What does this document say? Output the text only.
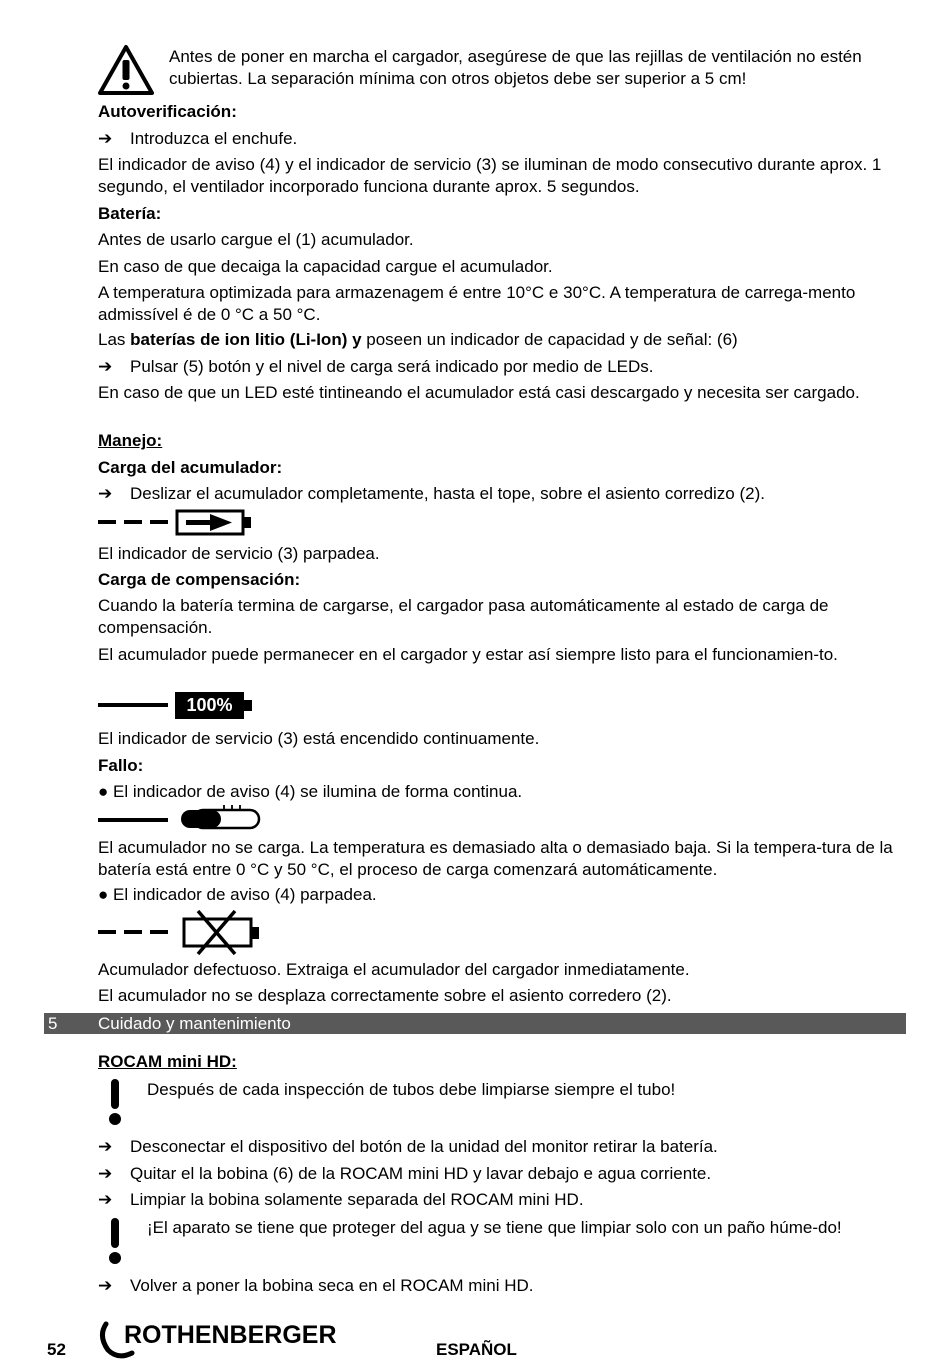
Antes de poner en marcha el cargador, asegúrese de que las rejillas de ventilación no estén cubiertas. La separación mínima con otros objetos debe ser superior a 5 cm!
Autoverificación:
➔ Introduzca el enchufe.
El indicador de aviso (4) y el indicador de servicio (3) se iluminan de modo consecutivo durante aprox. 1 segundo, el ventilador incorporado funciona durante aprox. 5 segundos.
Batería:
Antes de usarlo cargue el (1) acumulador.
En caso de que decaiga la capacidad cargue el acumulador.
A temperatura optimizada para armazenagem é entre 10°C e 30°C. A temperatura de carrega-mento admissível é de 0 °C a 50 °C.
Las baterías de ion litio (Li-Ion) y poseen un indicador de capacidad y de señal: (6)
➔ Pulsar (5) botón y el nivel de carga será indicado por medio de LEDs.
En caso de que un LED esté tintineando el acumulador está casi descargado y necesita ser cargado.
Manejo:
Carga del acumulador:
➔ Deslizar el acumulador completamente, hasta el tope, sobre el asiento corredizo (2).
El indicador de servicio (3) parpadea.
Carga de compensación:
Cuando la batería termina de cargarse, el cargador pasa automáticamente al estado de carga de compensación.
El acumulador puede permanecer en el cargador y estar así siempre listo para el funcionamien-to.
100%
El indicador de servicio (3) está encendido continuamente.
Fallo:
● El indicador de aviso (4) se ilumina de forma continua.
El acumulador no se carga. La temperatura es demasiado alta o demasiado baja. Si la tempera-tura de la batería está entre 0 °C y 50 °C, el proceso de carga comenzará automáticamente.
● El indicador de aviso (4) parpadea.
Acumulador defectuoso. Extraiga el acumulador del cargador inmediatamente.
El acumulador no se desplaza correctamente sobre el asiento corredero (2).
5 Cuidado y mantenimiento
ROCAM mini HD:
Después de cada inspección de tubos debe limpiarse siempre el tubo!
➔ Desconectar el dispositivo del botón de la unidad del monitor retirar la batería.
➔ Quitar el la bobina (6) de la ROCAM mini HD y lavar debajo e agua corriente.
➔ Limpiar la bobina solamente separada del ROCAM mini HD.
¡El aparato se tiene que proteger del agua y se tiene que limpiar solo con un paño húme-do!
➔ Volver a poner la bobina seca en el ROCAM mini HD.
52
ROTHENBERGER
ESPAÑOL
